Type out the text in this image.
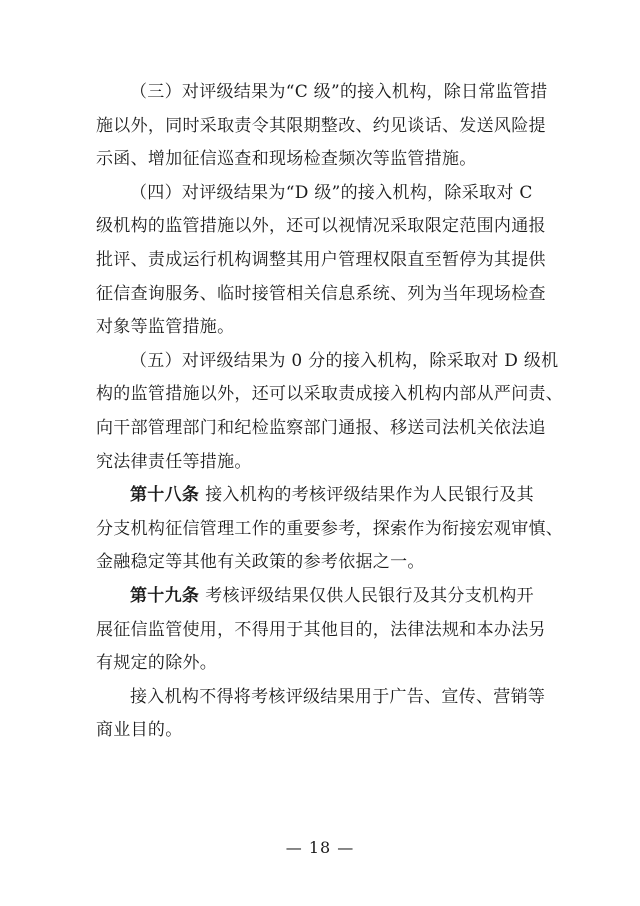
（三）对评级结果为“C 级”的接入机构，除日常监管措
施以外，同时采取责令其限期整改、约见谈话、发送风险提
示函、增加征信巡查和现场检查频次等监管措施。

（四）对评级结果为“D 级”的接入机构，除采取对 C
级机构的监管措施以外，还可以视情况采取限定范围内通报
批评、责成运行机构调整其用户管理权限直至暂停为其提供
征信查询服务、临时接管相关信息系统、列为当年现场检查
对象等监管措施。

（五）对评级结果为 0 分的接入机构，除采取对 D 级机
构的监管措施以外，还可以采取责成接入机构内部从严问责、
向干部管理部门和纪检监察部门通报、移送司法机关依法追
究法律责任等措施。

第十八条 接入机构的考核评级结果作为人民银行及其
分支机构征信管理工作的重要参考，探索作为衔接宏观审慎、
金融稳定等其他有关政策的参考依据之一。

第十九条 考核评级结果仅供人民银行及其分支机构开
展征信监管使用，不得用于其他目的，法律法规和本办法另
有规定的除外。

接入机构不得将考核评级结果用于广告、宣传、营销等
商业目的。

— 18 —
